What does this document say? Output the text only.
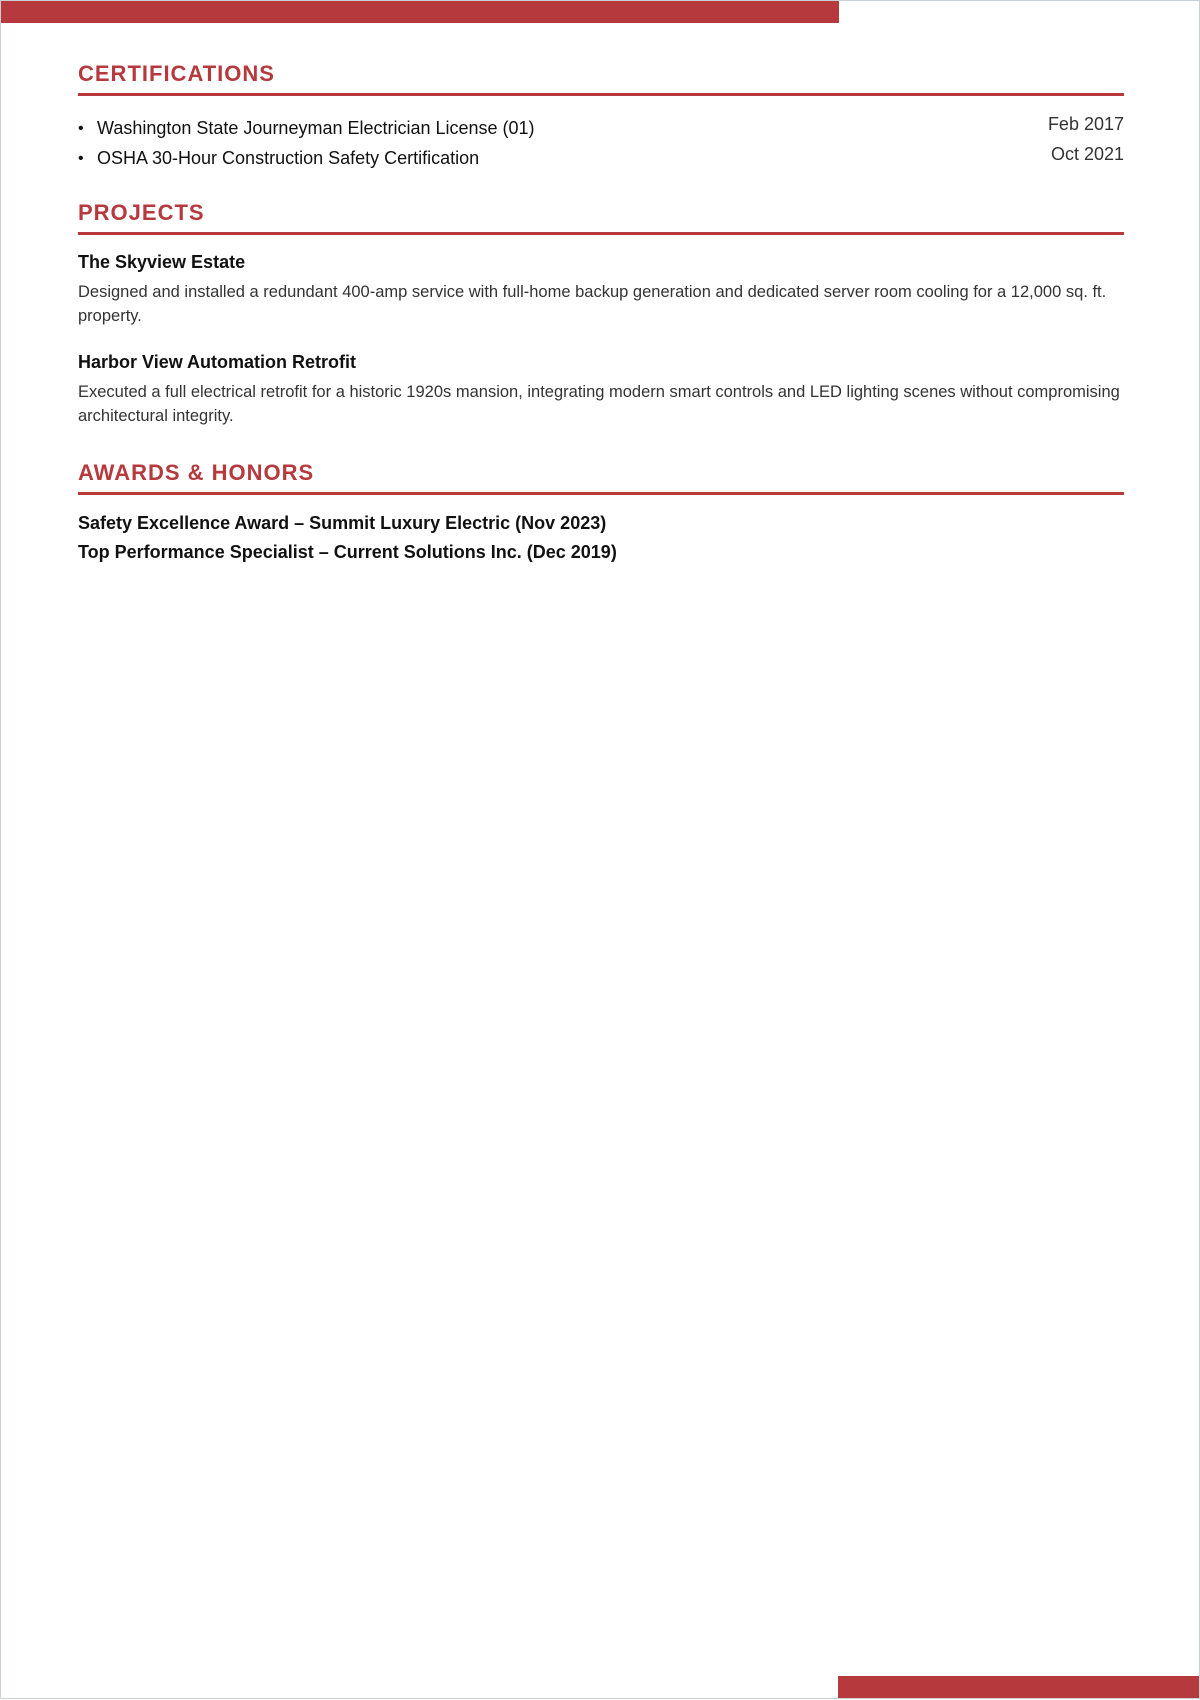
CERTIFICATIONS
• Washington State Journeyman Electrician License (01)	Feb 2017
• OSHA 30-Hour Construction Safety Certification	Oct 2021
PROJECTS
The Skyview Estate

Designed and installed a redundant 400-amp service with full-home backup generation and dedicated server room cooling for a 12,000 sq. ft. property.

Harbor View Automation Retrofit

Executed a full electrical retrofit for a historic 1920s mansion, integrating modern smart controls and LED lighting scenes without compromising architectural integrity.

AWARDS & HONORS
Safety Excellence Award – Summit Luxury Electric (Nov 2023)
Top Performance Specialist – Current Solutions Inc. (Dec 2019)
